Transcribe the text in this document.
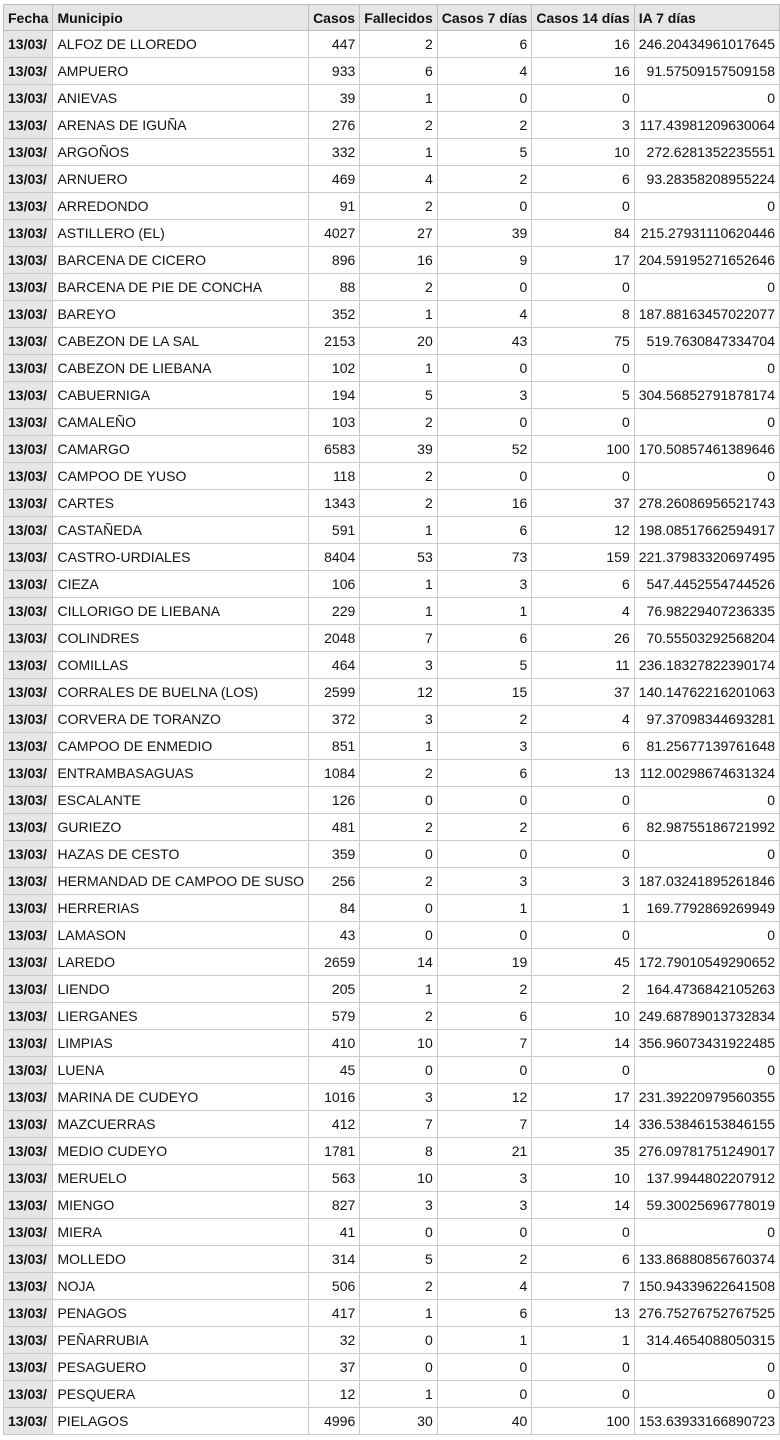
Fecha	Municipio	Casos	Fallecidos	Casos 7 días	Casos 14 días	IA 7 días
13/03/	ALFOZ DE LLOREDO	447	2	6	16	246.20434961017645
13/03/	AMPUERO	933	6	4	16	91.57509157509158
13/03/	ANIEVAS	39	1	0	0	0
13/03/	ARENAS DE IGUÑA	276	2	2	3	117.43981209630064
13/03/	ARGOÑOS	332	1	5	10	272.6281352235551
13/03/	ARNUERO	469	4	2	6	93.28358208955224
13/03/	ARREDONDO	91	2	0	0	0
13/03/	ASTILLERO (EL)	4027	27	39	84	215.27931110620446
13/03/	BARCENA DE CICERO	896	16	9	17	204.59195271652646
13/03/	BARCENA DE PIE DE CONCHA	88	2	0	0	0
13/03/	BAREYO	352	1	4	8	187.88163457022077
13/03/	CABEZON DE LA SAL	2153	20	43	75	519.7630847334704
13/03/	CABEZON DE LIEBANA	102	1	0	0	0
13/03/	CABUERNIGA	194	5	3	5	304.56852791878174
13/03/	CAMALEÑO	103	2	0	0	0
13/03/	CAMARGO	6583	39	52	100	170.50857461389646
13/03/	CAMPOO DE YUSO	118	2	0	0	0
13/03/	CARTES	1343	2	16	37	278.26086956521743
13/03/	CASTAÑEDA	591	1	6	12	198.08517662594917
13/03/	CASTRO-URDIALES	8404	53	73	159	221.37983320697495
13/03/	CIEZA	106	1	3	6	547.4452554744526
13/03/	CILLORIGO DE LIEBANA	229	1	1	4	76.98229407236335
13/03/	COLINDRES	2048	7	6	26	70.55503292568204
13/03/	COMILLAS	464	3	5	11	236.18327822390174
13/03/	CORRALES DE BUELNA (LOS)	2599	12	15	37	140.14762216201063
13/03/	CORVERA DE TORANZO	372	3	2	4	97.37098344693281
13/03/	CAMPOO DE ENMEDIO	851	1	3	6	81.25677139761648
13/03/	ENTRAMBASAGUAS	1084	2	6	13	112.00298674631324
13/03/	ESCALANTE	126	0	0	0	0
13/03/	GURIEZO	481	2	2	6	82.98755186721992
13/03/	HAZAS DE CESTO	359	0	0	0	0
13/03/	HERMANDAD DE CAMPOO DE SUSO	256	2	3	3	187.03241895261846
13/03/	HERRERIAS	84	0	1	1	169.7792869269949
13/03/	LAMASON	43	0	0	0	0
13/03/	LAREDO	2659	14	19	45	172.79010549290652
13/03/	LIENDO	205	1	2	2	164.4736842105263
13/03/	LIERGANES	579	2	6	10	249.68789013732834
13/03/	LIMPIAS	410	10	7	14	356.96073431922485
13/03/	LUENA	45	0	0	0	0
13/03/	MARINA DE CUDEYO	1016	3	12	17	231.39220979560355
13/03/	MAZCUERRAS	412	7	7	14	336.53846153846155
13/03/	MEDIO CUDEYO	1781	8	21	35	276.09781751249017
13/03/	MERUELO	563	10	3	10	137.9944802207912
13/03/	MIENGO	827	3	3	14	59.30025696778019
13/03/	MIERA	41	0	0	0	0
13/03/	MOLLEDO	314	5	2	6	133.86880856760374
13/03/	NOJA	506	2	4	7	150.94339622641508
13/03/	PENAGOS	417	1	6	13	276.75276752767525
13/03/	PEÑARRUBIA	32	0	1	1	314.4654088050315
13/03/	PESAGUERO	37	0	0	0	0
13/03/	PESQUERA	12	1	0	0	0
13/03/	PIELAGOS	4996	30	40	100	153.63933166890723
